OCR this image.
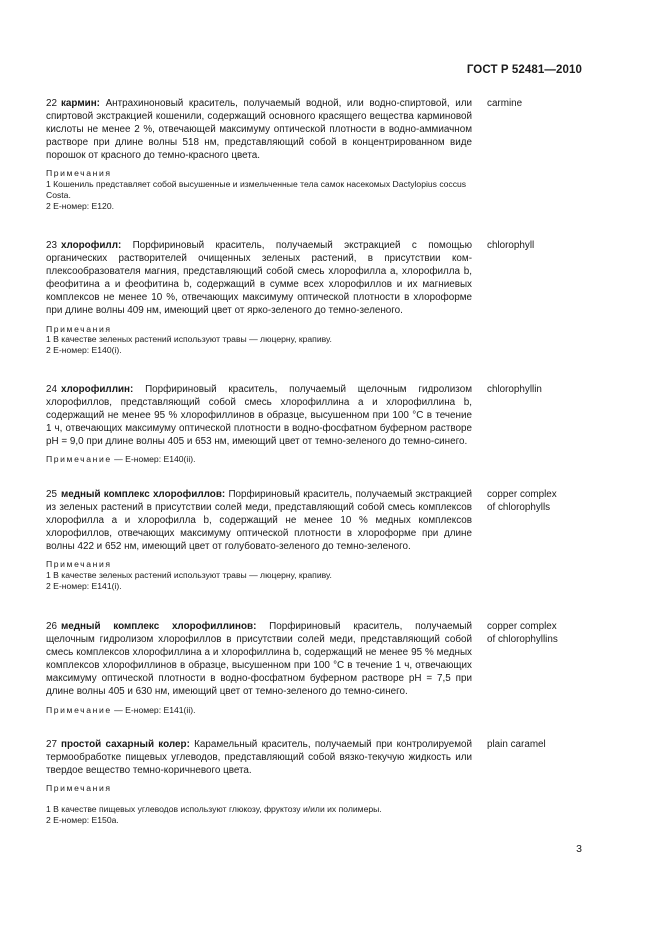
ГОСТ Р 52481—2010
22 кармин: Антрахиноновый краситель, получаемый водной, или водно-спиртовой, или спиртовой экстракцией кошенили, содержащий основного красящего вещества карминовой кислоты не менее 2 %, отвечающей максимуму оптической плотности в водно-аммиачном растворе при длине волны 518 нм, представляющий собой в концентрированном виде порошок от красного до темно-красного цвета.
carmine
Примечания
1 Кошениль представляет собой высушенные и измельченные тела самок насекомых Dactylopius coccus Costa.
2 Е-номер: Е120.
23 хлорофилл: Порфириновый краситель, получаемый экстракцией с помощью органических растворителей очищенных зеленых растений, в присутствии комплексообразователя магния, представляющий собой смесь хлорофилла а, хлорофилла b, феофитина а и феофитина b, содержащий в сумме всех хлорофиллов и их магниевых комплексов не менее 10 %, отвечающих максимуму оптической плотности в хлороформе при длине волны 409 нм, имеющий цвет от ярко-зеленого до темно-зеленого.
chlorophyll
Примечания
1 В качестве зеленых растений используют травы — люцерну, крапиву.
2 Е-номер: Е140(i).
24 хлорофиллин: Порфириновый краситель, получаемый щелочным гидролизом хлорофиллов, представляющий собой смесь хлорофиллина а и хлорофиллина b, содержащий не менее 95 % хлорофиллинов в образце, высушенном при 100 °С в течение 1 ч, отвечающих максимуму оптической плотности в водно-фосфатном буферном растворе рН = 9,0 при длине волны 405 и 653 нм, имеющий цвет от темно-зеленого до темно-синего.
chlorophyllin
Примечание — Е-номер: Е140(ii).
25 медный комплекс хлорофиллов: Порфириновый краситель, получаемый экстракцией из зеленых растений в присутствии солей меди, представляющий собой смесь комплексов хлорофилла а и хлорофилла b, содержащий не менее 10 % медных комплексов хлорофиллов, отвечающих максимуму оптической плотности в хлороформе при длине волны 422 и 652 нм, имеющий цвет от голубовато-зеленого до темно-зеленого.
copper complex
of chlorophylls
Примечания
1 В качестве зеленых растений используют травы — люцерну, крапиву.
2 Е-номер: Е141(i).
26 медный комплекс хлорофиллинов: Порфириновый краситель, получаемый щелочным гидролизом хлорофиллов в присутствии солей меди, представляющий собой смесь комплексов хлорофиллина а и хлорофиллина b, содержащий не менее 95 % медных комплексов хлорофиллинов в образце, высушенном при 100 °С в течение 1 ч, отвечающих максимуму оптической плотности в водно-фосфатном буферном растворе рН = 7,5 при длине волны 405 и 630 нм, имеющий цвет от темно-зеленого до темно-синего.
copper complex
of chlorophyllins
Примечание — Е-номер: Е141(ii).
27 простой сахарный колер: Карамельный краситель, получаемый при контролируемой термообработке пищевых углеводов, представляющий собой вязко-текучую жидкость или твердое вещество темно-коричневого цвета.
plain caramel
Примечания
1 В качестве пищевых углеводов используют глюкозу, фруктозу и/или их полимеры.
2 Е-номер: Е150а.
3
